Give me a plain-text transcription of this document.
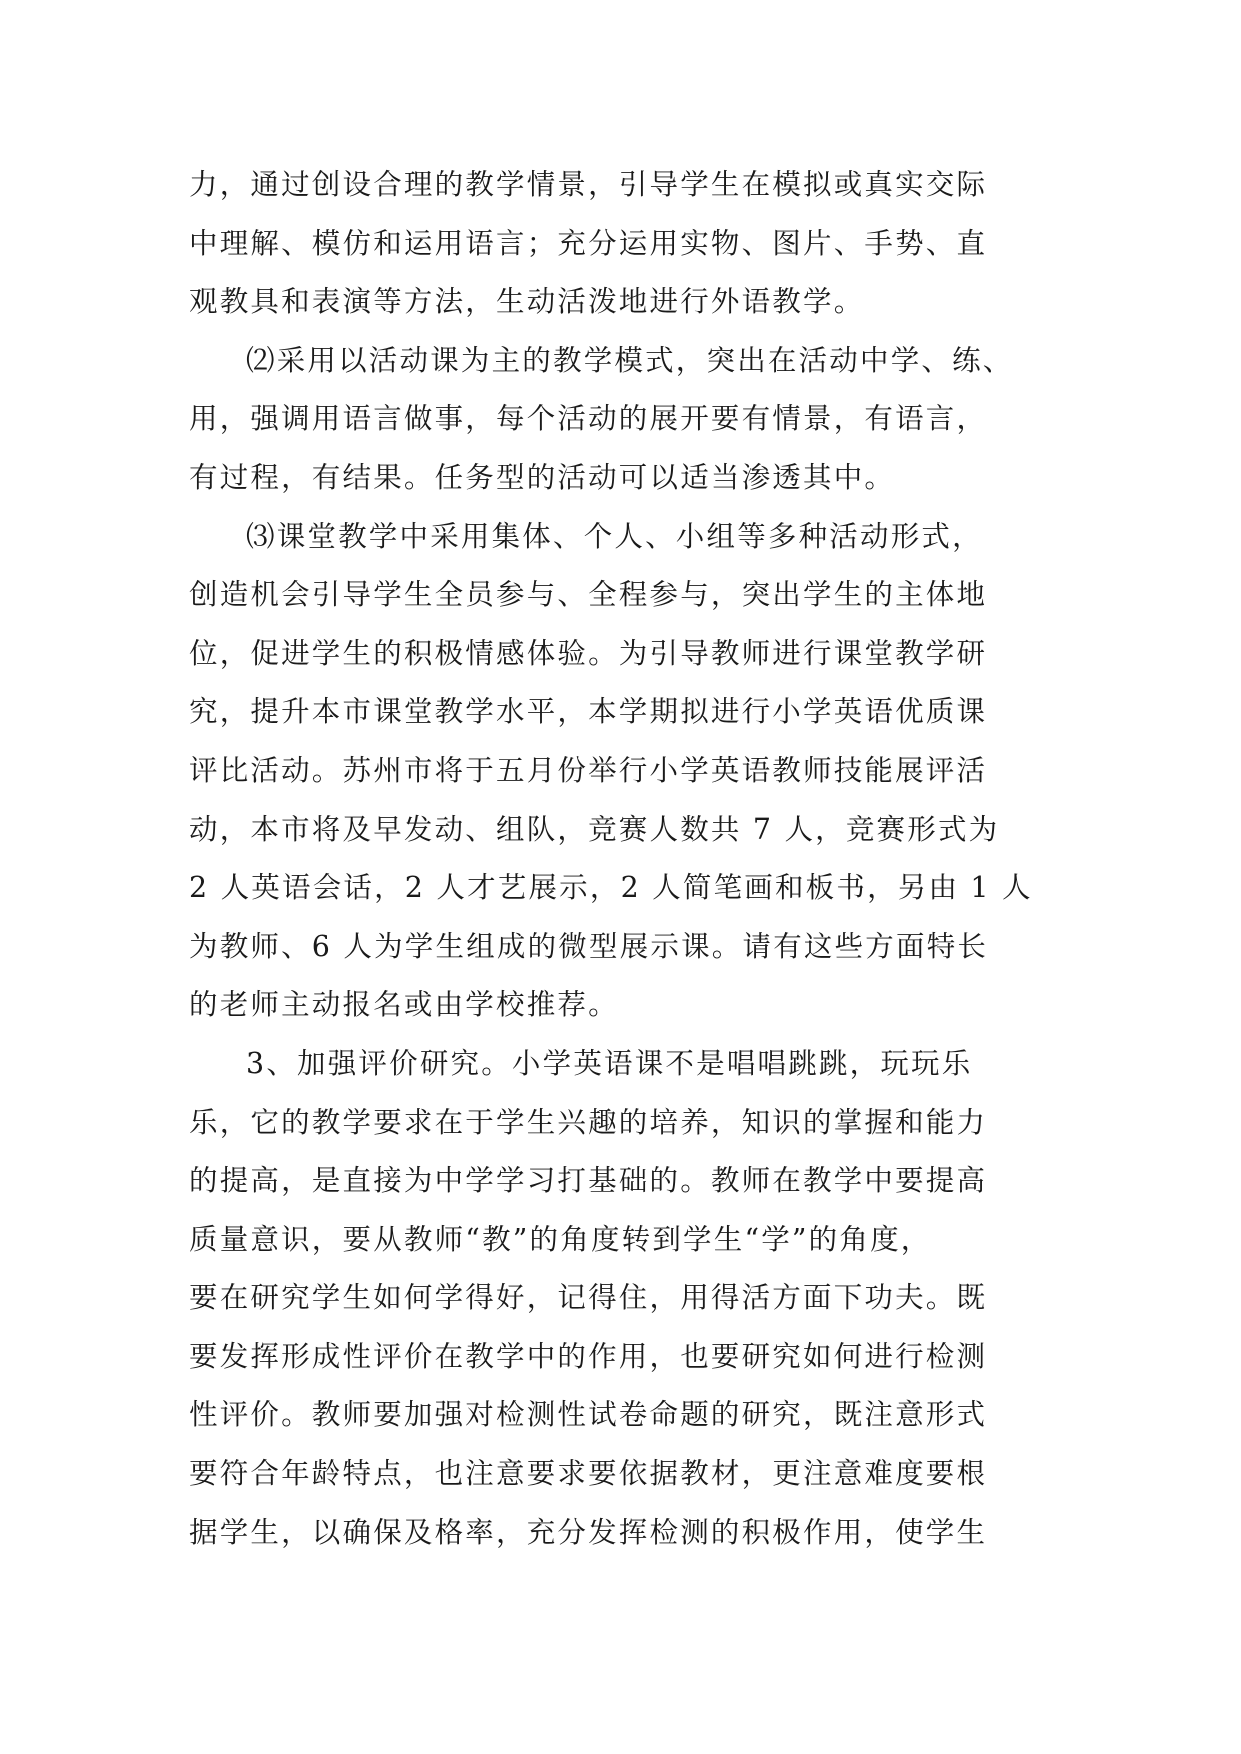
力，通过创设合理的教学情景，引导学生在模拟或真实交际
中理解、模仿和运用语言；充分运用实物、图片、手势、直
观教具和表演等方法，生动活泼地进行外语教学。
⑵采用以活动课为主的教学模式，突出在活动中学、练、
用，强调用语言做事，每个活动的展开要有情景，有语言，
有过程，有结果。任务型的活动可以适当渗透其中。
⑶课堂教学中采用集体、个人、小组等多种活动形式，
创造机会引导学生全员参与、全程参与，突出学生的主体地
位，促进学生的积极情感体验。为引导教师进行课堂教学研
究，提升本市课堂教学水平，本学期拟进行小学英语优质课
评比活动。苏州市将于五月份举行小学英语教师技能展评活
动，本市将及早发动、组队，竞赛人数共 7 人，竞赛形式为
2 人英语会话，2 人才艺展示，2 人简笔画和板书，另由 1 人
为教师、6 人为学生组成的微型展示课。请有这些方面特长
的老师主动报名或由学校推荐。
3、加强评价研究。小学英语课不是唱唱跳跳，玩玩乐
乐，它的教学要求在于学生兴趣的培养，知识的掌握和能力
的提高，是直接为中学学习打基础的。教师在教学中要提高
质量意识，要从教师“教”的角度转到学生“学”的角度，
要在研究学生如何学得好，记得住，用得活方面下功夫。既
要发挥形成性评价在教学中的作用，也要研究如何进行检测
性评价。教师要加强对检测性试卷命题的研究，既注意形式
要符合年龄特点，也注意要求要依据教材，更注意难度要根
据学生，以确保及格率，充分发挥检测的积极作用，使学生
